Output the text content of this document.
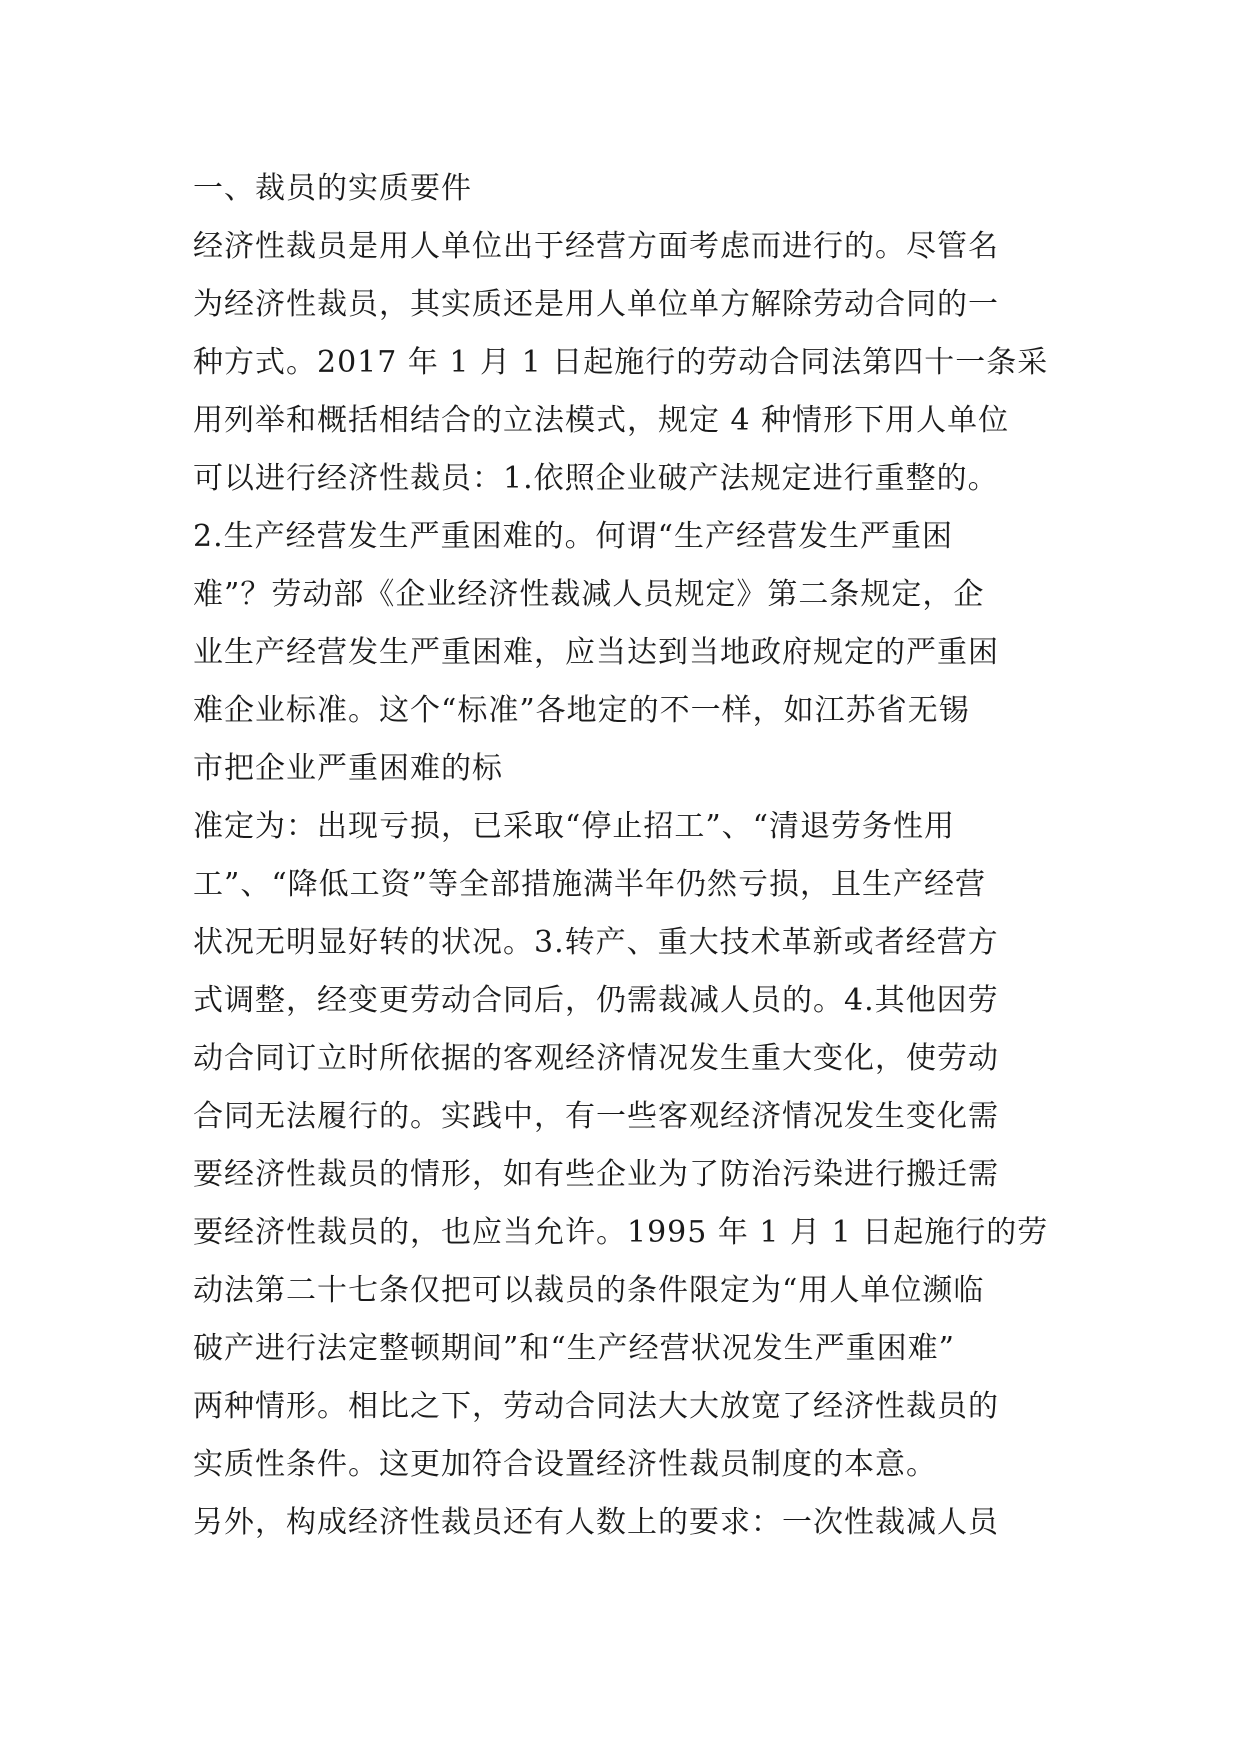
一、裁员的实质要件
经济性裁员是用人单位出于经营方面考虑而进行的。尽管名
为经济性裁员，其实质还是用人单位单方解除劳动合同的一
种方式。2017 年 1 月 1 日起施行的劳动合同法第四十一条采
用列举和概括相结合的立法模式，规定 4 种情形下用人单位
可以进行经济性裁员：1.依照企业破产法规定进行重整的。
2.生产经营发生严重困难的。何谓“生产经营发生严重困
难”？劳动部《企业经济性裁减人员规定》第二条规定，企
业生产经营发生严重困难，应当达到当地政府规定的严重困
难企业标准。这个“标准”各地定的不一样，如江苏省无锡
市把企业严重困难的标
准定为：出现亏损，已采取“停止招工”、“清退劳务性用
工”、“降低工资”等全部措施满半年仍然亏损，且生产经营
状况无明显好转的状况。3.转产、重大技术革新或者经营方
式调整，经变更劳动合同后，仍需裁减人员的。4.其他因劳
动合同订立时所依据的客观经济情况发生重大变化，使劳动
合同无法履行的。实践中，有一些客观经济情况发生变化需
要经济性裁员的情形，如有些企业为了防治污染进行搬迁需
要经济性裁员的，也应当允许。1995 年 1 月 1 日起施行的劳
动法第二十七条仅把可以裁员的条件限定为“用人单位濒临
破产进行法定整顿期间”和“生产经营状况发生严重困难”
两种情形。相比之下，劳动合同法大大放宽了经济性裁员的
实质性条件。这更加符合设置经济性裁员制度的本意。
另外，构成经济性裁员还有人数上的要求：一次性裁减人员
